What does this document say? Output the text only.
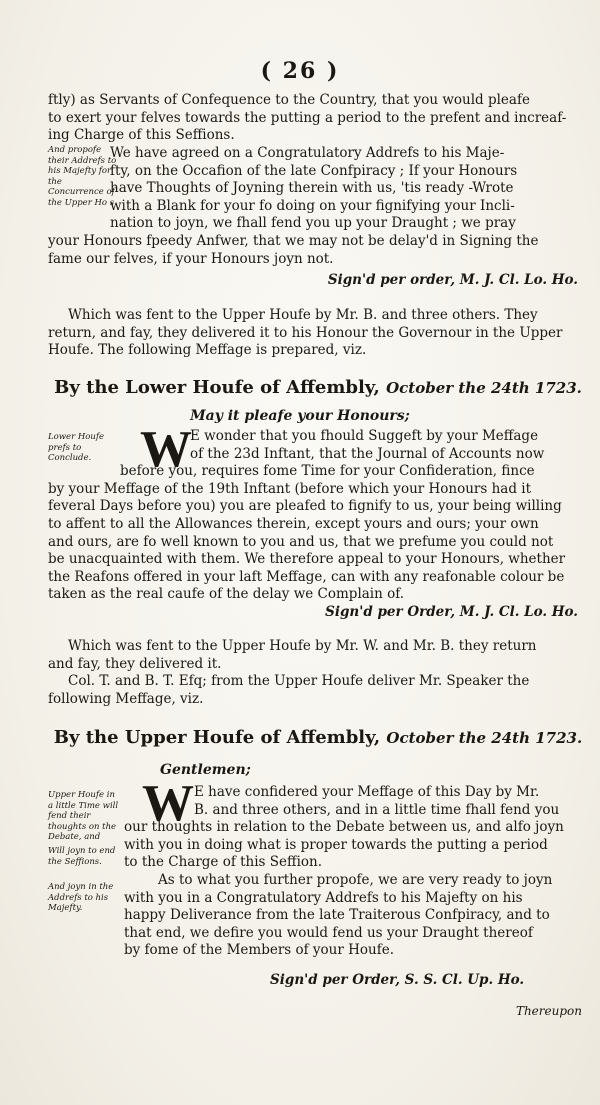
( 26 )
ftly) as Servants of Confequence to the Country, that you would pleafe
to exert your felves towards the putting a period to the prefent and increaf-
ing Charge of this Seffions.
And propofe their Addrefs to his Majefty for the Concurrence of the Upper Ho s
We have agreed on a Congratulatory Addrefs to his Maje-
fty, on the Occafion of the late Confpiracy ; If your Honours
have Thoughts of Joyning therein with us, 'tis ready -Wrote
with a Blank for your fo doing on your fignifying your Incli-
nation to joyn, we fhall fend you up your Draught ; we pray
your Honours fpeedy Anfwer, that we may not be delay'd in Signing the
fame our felves, if your Honours joyn not.
Sign'd per order, M. J. Cl. Lo. Ho.
Which was fent to the Upper Houfe by Mr. B. and three others. They
return, and fay, they delivered it to his Honour the Governour in the Upper
Houfe. The following Meffage is prepared, viz.
By the Lower Houfe of Affembly, October the 24th 1723.
May it pleafe your Honours;
Lower Houfe prefs to Conclude. W
E wonder that you fhould Suggeft by your Meffage
of the 23d Inftant, that the Journal of Accounts now
before you, requires fome Time for your Confideration, fince
by your Meffage of the 19th Inftant (before which your Honours had it
feveral Days before you) you are pleafed to fignify to us, your being willing
to affent to all the Allowances therein, except yours and ours; your own
and ours, are fo well known to you and us, that we prefume you could not
be unacquainted with them. We therefore appeal to your Honours, whether
the Reafons offered in your laft Meffage, can with any reafonable colour be
taken as the real caufe of the delay we Complain of.
Sign'd per Order, M. J. Cl. Lo. Ho.
Which was fent to the Upper Houfe by Mr. W. and Mr. B. they return
and fay, they delivered it.
Col. T. and B. T. Efq; from the Upper Houfe deliver Mr. Speaker the
following Meffage, viz.
By the Upper Houfe of Affembly, October the 24th 1723.
Gentlemen;
Upper Houfe in a little Time will fend their thoughts on the Debate, and
Will joyn to end the Seffions.
And joyn in the Addrefs to his Majefty.
W E have confidered your Meffage of this Day by Mr.
B. and three others, and in a little time fhall fend you
our thoughts in relation to the Debate between us, and alfo joyn
with you in doing what is proper towards the putting a period
to the Charge of this Seffion.
As to what you further propofe, we are very ready to joyn
with you in a Congratulatory Addrefs to his Majefty on his
happy Deliverance from the late Traiterous Confpiracy, and to
that end, we defire you would fend us your Draught thereof
by fome of the Members of your Houfe.
Sign'd per Order, S. S. Cl. Up. Ho.
Thereupon
